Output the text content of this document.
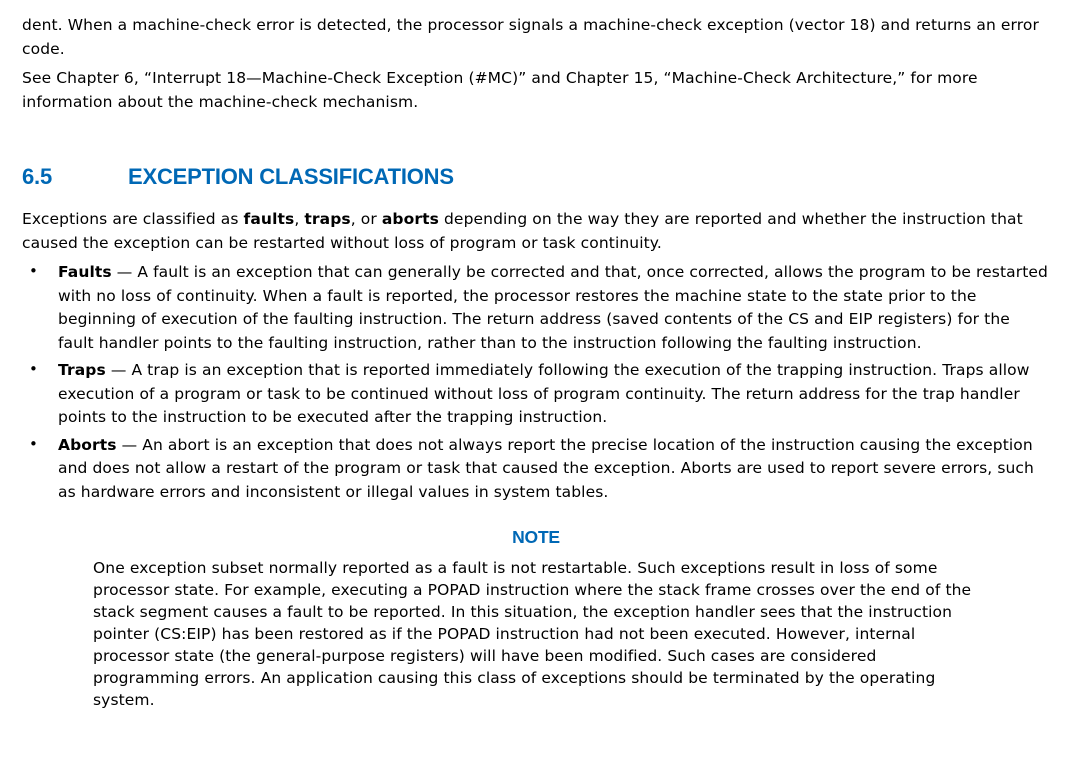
dent. When a machine-check error is detected, the processor signals a machine-check exception (vector 18) and returns an error code.

See Chapter 6, “Interrupt 18—Machine-Check Exception (#MC)” and Chapter 15, “Machine-Check Architecture,” for more information about the machine-check mechanism.

6.5	EXCEPTION CLASSIFICATIONS

Exceptions are classified as faults, traps, or aborts depending on the way they are reported and whether the instruction that caused the exception can be restarted without loss of program or task continuity.

• Faults — A fault is an exception that can generally be corrected and that, once corrected, allows the program to be restarted with no loss of continuity. When a fault is reported, the processor restores the machine state to the state prior to the beginning of execution of the faulting instruction. The return address (saved contents of the CS and EIP registers) for the fault handler points to the faulting instruction, rather than to the instruction following the faulting instruction.
• Traps — A trap is an exception that is reported immediately following the execution of the trapping instruction. Traps allow execution of a program or task to be continued without loss of program continuity. The return address for the trap handler points to the instruction to be executed after the trapping instruction.
• Aborts — An abort is an exception that does not always report the precise location of the instruction causing the exception and does not allow a restart of the program or task that caused the exception. Aborts are used to report severe errors, such as hardware errors and inconsistent or illegal values in system tables.
NOTE

One exception subset normally reported as a fault is not restartable. Such exceptions result in loss of some processor state. For example, executing a POPAD instruction where the stack frame crosses over the end of the stack segment causes a fault to be reported. In this situation, the exception handler sees that the instruction pointer (CS:EIP) has been restored as if the POPAD instruction had not been executed. However, internal processor state (the general-purpose registers) will have been modified. Such cases are considered programming errors. An application causing this class of exceptions should be terminated by the operating system.
